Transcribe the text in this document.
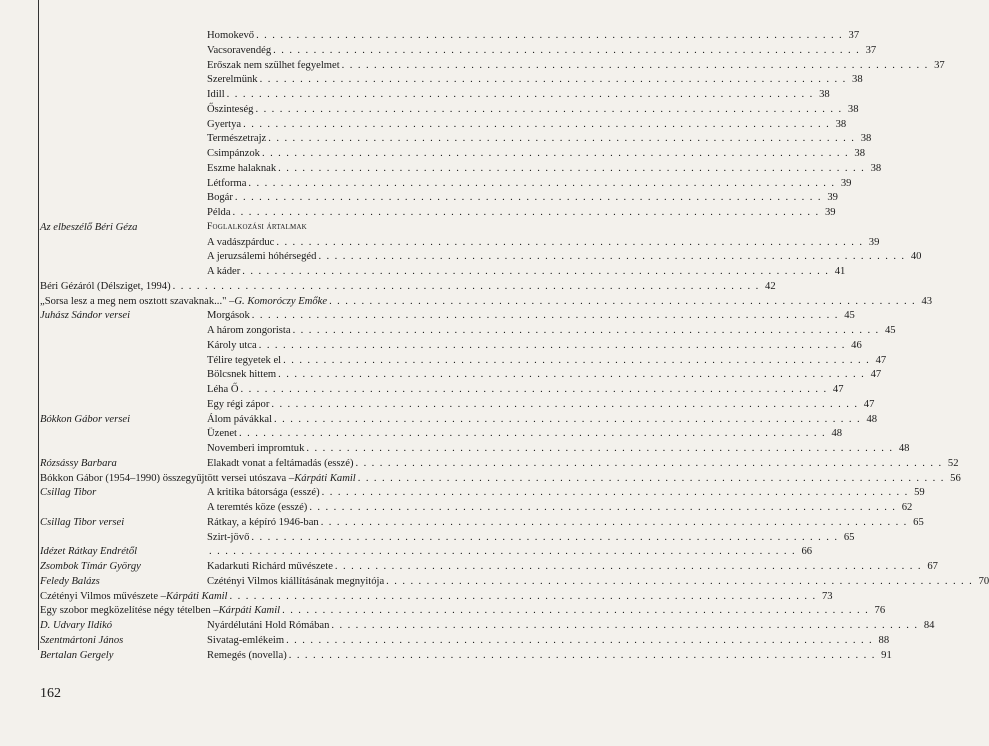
Homokevő . . . . . . . . . . . . . . . . . . . . . . . . . . . . . . . . . . . . . . . . . . . . . . . . . . . . . . . . . . . . . . . . . . . . . . . . . 37
Vacsoravendég . . . . . . . . . . . . . . . . . . . . . . . . . . . . . . . . . . . . . . . . . . . . . . . . . . . . . . . . . . . . . . . . . . . . . . . . . 37
Erőszak nem szülhet fegyelmet . . . . . . . . . . . . . . . . . . . . . . . . . . . . . . . . . . . . . . . . . . . . . . . . . . . . . . . . . . . . . . . . . . . . . . . . . 37
Szerelmünk . . . . . . . . . . . . . . . . . . . . . . . . . . . . . . . . . . . . . . . . . . . . . . . . . . . . . . . . . . . . . . . . . . . . . . . . . 38
Idill . . . . . . . . . . . . . . . . . . . . . . . . . . . . . . . . . . . . . . . . . . . . . . . . . . . . . . . . . . . . . . . . . . . . . . . . . 38
Őszinteség . . . . . . . . . . . . . . . . . . . . . . . . . . . . . . . . . . . . . . . . . . . . . . . . . . . . . . . . . . . . . . . . . . . . . . . . . 38
Gyertya . . . . . . . . . . . . . . . . . . . . . . . . . . . . . . . . . . . . . . . . . . . . . . . . . . . . . . . . . . . . . . . . . . . . . . . . . 38
Természetrajz . . . . . . . . . . . . . . . . . . . . . . . . . . . . . . . . . . . . . . . . . . . . . . . . . . . . . . . . . . . . . . . . . . . . . . . . . 38
Csimpánzok . . . . . . . . . . . . . . . . . . . . . . . . . . . . . . . . . . . . . . . . . . . . . . . . . . . . . . . . . . . . . . . . . . . . . . . . . 38
Eszme halaknak . . . . . . . . . . . . . . . . . . . . . . . . . . . . . . . . . . . . . . . . . . . . . . . . . . . . . . . . . . . . . . . . . . . . . . . . . 38
Létforma . . . . . . . . . . . . . . . . . . . . . . . . . . . . . . . . . . . . . . . . . . . . . . . . . . . . . . . . . . . . . . . . . . . . . . . . . 39
Bogár . . . . . . . . . . . . . . . . . . . . . . . . . . . . . . . . . . . . . . . . . . . . . . . . . . . . . . . . . . . . . . . . . . . . . . . . . 39
Példa . . . . . . . . . . . . . . . . . . . . . . . . . . . . . . . . . . . . . . . . . . . . . . . . . . . . . . . . . . . . . . . . . . . . . . . . . 39
Az elbeszélő Béri Géza	Foglalkozási ártalmak
A vadászpárduc . . . . . . . . . . . . . . . . . . . . . . . . . . . . . . . . . . . . . . . . . . . . . . . . . . . . . . . . . . . . . . . . . . . . . . . . . 39
A jeruzsálemi hóhérsegéd . . . . . . . . . . . . . . . . . . . . . . . . . . . . . . . . . . . . . . . . . . . . . . . . . . . . . . . . . . . . . . . . . . . . . . . . . 40
A káder . . . . . . . . . . . . . . . . . . . . . . . . . . . . . . . . . . . . . . . . . . . . . . . . . . . . . . . . . . . . . . . . . . . . . . . . . 41
Béri Gézáról (Délsziget, 1994) . . . . . . . . . . . . . . . . . . . . . . . . . . . . . . . . . . . . . . . . . . . . . . . . . . . . . . . . . . . . . . . . . . . . . . . . . 42
„Sorsa lesz a meg nem osztott szavaknak..." – G. Komoróczy Emőke . . . . . . . . . . . . . . . . . . . . . . . . . . . . . . . . . . . . . . . . . . . . . . . . . . . . . . . . . . . . . . . . . . . . . . . . . 43
Juhász Sándor versei	Morgások . . . . . . . . . . . . . . . . . . . . . . . . . . . . . . . . . . . . . . . . . . . . . . . . . . . . . . . . . . . . . . . . . . . . . . . . . 45
A három zongorista . . . . . . . . . . . . . . . . . . . . . . . . . . . . . . . . . . . . . . . . . . . . . . . . . . . . . . . . . . . . . . . . . . . . . . . . . 45
Károly utca . . . . . . . . . . . . . . . . . . . . . . . . . . . . . . . . . . . . . . . . . . . . . . . . . . . . . . . . . . . . . . . . . . . . . . . . . 46
Télire tegyetek el . . . . . . . . . . . . . . . . . . . . . . . . . . . . . . . . . . . . . . . . . . . . . . . . . . . . . . . . . . . . . . . . . . . . . . . . . 47
Bölcsnek hittem . . . . . . . . . . . . . . . . . . . . . . . . . . . . . . . . . . . . . . . . . . . . . . . . . . . . . . . . . . . . . . . . . . . . . . . . . 47
Léha Ő . . . . . . . . . . . . . . . . . . . . . . . . . . . . . . . . . . . . . . . . . . . . . . . . . . . . . . . . . . . . . . . . . . . . . . . . . 47
Egy régi zápor . . . . . . . . . . . . . . . . . . . . . . . . . . . . . . . . . . . . . . . . . . . . . . . . . . . . . . . . . . . . . . . . . . . . . . . . . 47
Bókkon Gábor versei	Álom pávákkal . . . . . . . . . . . . . . . . . . . . . . . . . . . . . . . . . . . . . . . . . . . . . . . . . . . . . . . . . . . . . . . . . . . . . . . . . 48
Üzenet . . . . . . . . . . . . . . . . . . . . . . . . . . . . . . . . . . . . . . . . . . . . . . . . . . . . . . . . . . . . . . . . . . . . . . . . . 48
Novemberi impromtuk . . . . . . . . . . . . . . . . . . . . . . . . . . . . . . . . . . . . . . . . . . . . . . . . . . . . . . . . . . . . . . . . . . . . . . . . . 48
Rózsássy Barbara	Elakadt vonat a feltámadás (esszé) . . . . . . . . . . . . . . . . . . . . . . . . . . . . . . . . . . . . . . . . . . . . . . . . . . . . . . . . . . . . . . . . . . . . . . . . . 52
Bókkon Gábor (1954–1990) összegyűjtött versei utószava – Kárpáti Kamil . . . . . . . . . . . . . . . . . . . . . . . . . . . . . . . . . . . . . . . . . . . . . . . . . . . . . . . . . . . . . . . . . . . . . . . . . 56
Csillag Tibor	A kritika bátorsága (esszé) . . . . . . . . . . . . . . . . . . . . . . . . . . . . . . . . . . . . . . . . . . . . . . . . . . . . . . . . . . . . . . . . . . . . . . . . . 59
A teremtés köze (esszé) . . . . . . . . . . . . . . . . . . . . . . . . . . . . . . . . . . . . . . . . . . . . . . . . . . . . . . . . . . . . . . . . . . . . . . . . . 62
Csillag Tibor versei	Rátkay, a képíró 1946-ban . . . . . . . . . . . . . . . . . . . . . . . . . . . . . . . . . . . . . . . . . . . . . . . . . . . . . . . . . . . . . . . . . . . . . . . . . 65
Szirt-jövő . . . . . . . . . . . . . . . . . . . . . . . . . . . . . . . . . . . . . . . . . . . . . . . . . . . . . . . . . . . . . . . . . . . . . . . . . 65
Idézet Rátkay Endrétől	. . . . . . . . . . . . . . . . . . . . . . . . . . . . . . . . . . . . . . . . . . . . . . . . . . . . . . . . . . . . . . . . . . . . . . . . . 66
Zsombok Tímár György	Kadarkuti Richárd művészete . . . . . . . . . . . . . . . . . . . . . . . . . . . . . . . . . . . . . . . . . . . . . . . . . . . . . . . . . . . . . . . . . . . . . . . . . 67
Feledy Balázs	Czétényi Vilmos kiállításának megnyitója . . . . . . . . . . . . . . . . . . . . . . . . . . . . . . . . . . . . . . . . . . . . . . . . . . . . . . . . . . . . . . . . . . . . . . . . . 70
Czétényi Vilmos művészete – Kárpáti Kamil . . . . . . . . . . . . . . . . . . . . . . . . . . . . . . . . . . . . . . . . . . . . . . . . . . . . . . . . . . . . . . . . . . . . . . . . . 73
Egy szobor megközelítése négy tételben – Kárpáti Kamil . . . . . . . . . . . . . . . . . . . . . . . . . . . . . . . . . . . . . . . . . . . . . . . . . . . . . . . . . . . . . . . . . . . . . . . . . 76
D. Udvary Ildikó	Nyárdélutáni Hold Rómában . . . . . . . . . . . . . . . . . . . . . . . . . . . . . . . . . . . . . . . . . . . . . . . . . . . . . . . . . . . . . . . . . . . . . . . . . 84
Szentmártoni János	Sivatag-emlékeim . . . . . . . . . . . . . . . . . . . . . . . . . . . . . . . . . . . . . . . . . . . . . . . . . . . . . . . . . . . . . . . . . . . . . . . . . 88
Bertalan Gergely	Remegés (novella) . . . . . . . . . . . . . . . . . . . . . . . . . . . . . . . . . . . . . . . . . . . . . . . . . . . . . . . . . . . . . . . . . . . . . . . . . 91
162
